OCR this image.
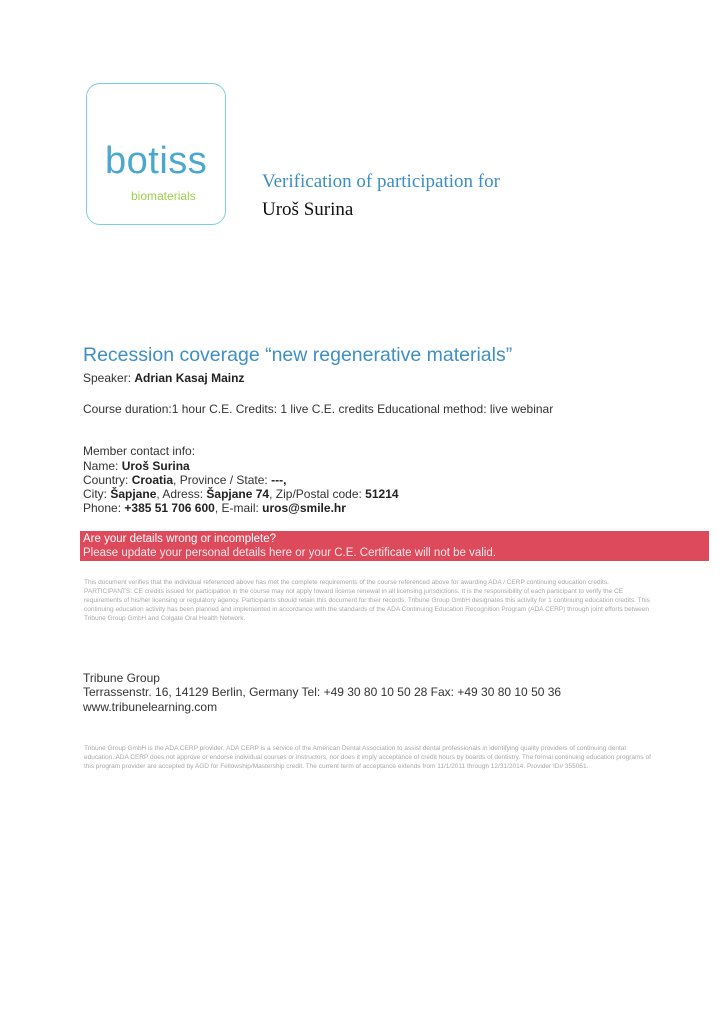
botiss
biomaterials
Verification of participation for
Uroš Surina
Recession coverage “new regenerative materials”
Speaker: Adrian Kasaj Mainz
Course duration:1 hour C.E. Credits: 1 live C.E. credits Educational method: live webinar
Member contact info:
Name: Uroš Surina
Country: Croatia, Province / State: ---,
City: Šapjane, Adress: Šapjane 74, Zip/Postal code: 51214
Phone: +385 51 706 600, E-mail: uros@smile.hr
Are your details wrong or incomplete?
Please update your personal details here or your C.E. Certificate will not be valid.
This document verifies that the individual referenced above has met the complete requirements of the course referenced above for awarding ADA / CERP continuing education credits. PARTICIPANTS: CE credits issued for participation in the course may not apply toward license renewal in all licensing jurisdictions. It is the responsibility of each participant to verify the CE requirements of his/her licensing or regulatory agency. Participants should retain this document for their records. Tribune Group GmbH designates this activity for 1 continuing education credits. This continuing education activity has been planned and implemented in accordance with the standards of the ADA Continuing Education Recognition Program (ADA CERP) through joint efforts between Tribune Group GmbH and Colgate Oral Health Network.
Tribune Group
Terrassenstr. 16, 14129 Berlin, Germany Tel: +49 30 80 10 50 28 Fax: +49 30 80 10 50 36
www.tribunelearning.com
Tribune Group GmbH is the ADA CERP provider. ADA CERP is a service of the American Dental Association to assist dental professionals in identifying quality providers of continuing dental education. ADA CERP does not approve or endorse individual courses or instructors, nor does it imply acceptance of credit hours by boards of dentistry. The formal continuing education programs of this program provider are accepted by AGD for Fellowship/Mastership credit. The current term of acceptance extends from 11/1/2011 through 12/31/2014. Provider ID# 355051.
